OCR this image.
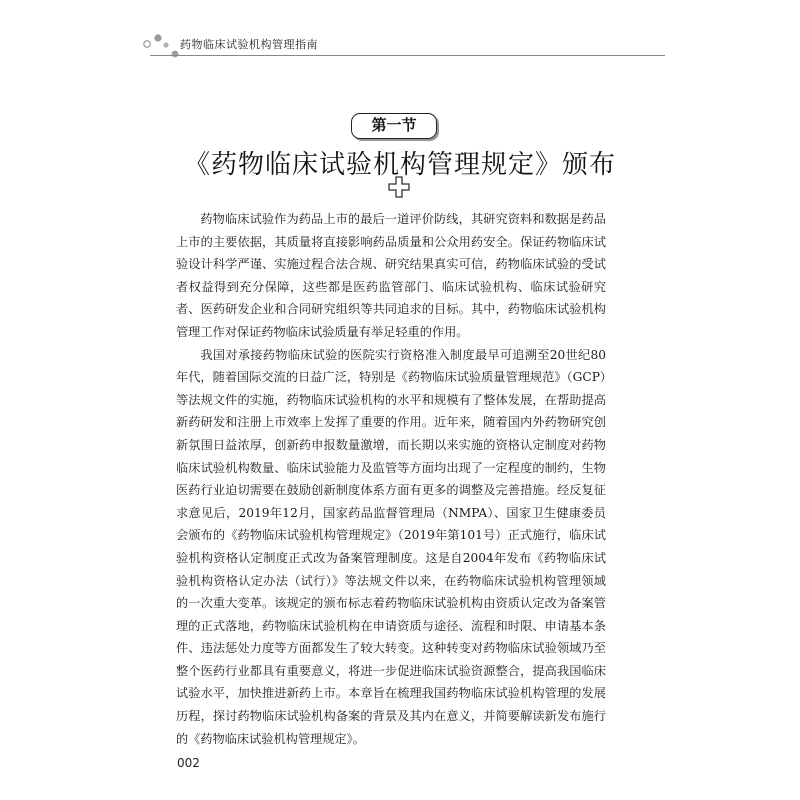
药物临床试验机构管理指南
第一节
《药物临床试验机构管理规定》颁布

药物临床试验作为药品上市的最后一道评价防线，其研究资料和数据是药品上市的主要依据，其质量将直接影响药品质量和公众用药安全。保证药物临床试验设计科学严谨、实施过程合法合规、研究结果真实可信，药物临床试验的受试者权益得到充分保障，这些都是医药监管部门、临床试验机构、临床试验研究者、医药研发企业和合同研究组织等共同追求的目标。其中，药物临床试验机构管理工作对保证药物临床试验质量有举足轻重的作用。

我国对承接药物临床试验的医院实行资格准入制度最早可追溯至20世纪80年代，随着国际交流的日益广泛，特别是《药物临床试验质量管理规范》（GCP）等法规文件的实施，药物临床试验机构的水平和规模有了整体发展，在帮助提高新药研发和注册上市效率上发挥了重要的作用。近年来，随着国内外药物研究创新氛围日益浓厚，创新药申报数量激增，而长期以来实施的资格认定制度对药物临床试验机构数量、临床试验能力及监管等方面均出现了一定程度的制约，生物医药行业迫切需要在鼓励创新制度体系方面有更多的调整及完善措施。经反复征求意见后，2019年12月，国家药品监督管理局（NMPA）、国家卫生健康委员会颁布的《药物临床试验机构管理规定》（2019年第101号）正式施行，临床试验机构资格认定制度正式改为备案管理制度。这是自2004年发布《药物临床试验机构资格认定办法（试行）》等法规文件以来，在药物临床试验机构管理领域的一次重大变革。该规定的颁布标志着药物临床试验机构由资质认定改为备案管理的正式落地，药物临床试验机构在申请资质与途径、流程和时限、申请基本条件、违法惩处力度等方面都发生了较大转变。这种转变对药物临床试验领域乃至整个医药行业都具有重要意义，将进一步促进临床试验资源整合，提高我国临床试验水平，加快推进新药上市。本章旨在梳理我国药物临床试验机构管理的发展历程，探讨药物临床试验机构备案的背景及其内在意义，并简要解读新发布施行的《药物临床试验机构管理规定》。

002
